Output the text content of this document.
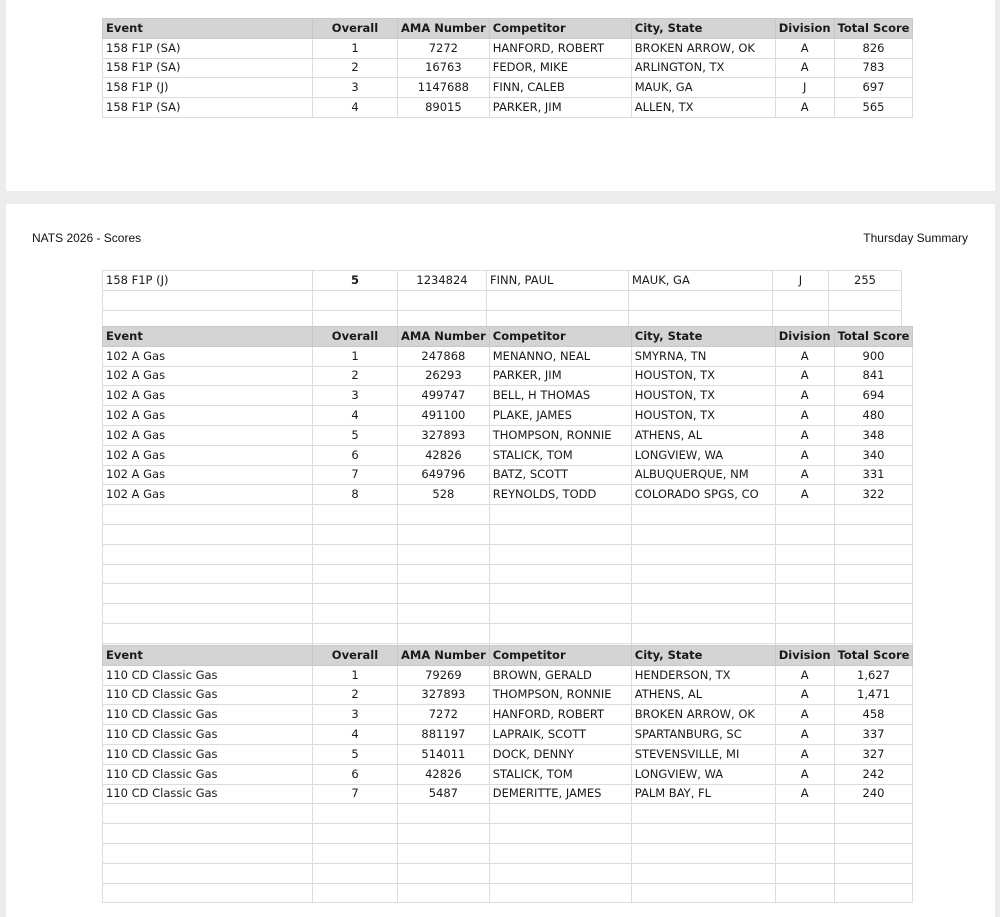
Event	Overall	AMA Number	Competitor	City, State	Division	Total Score
158 F1P (SA)	1	7272	HANFORD, ROBERT	BROKEN ARROW, OK	A	826
158 F1P (SA)	2	16763	FEDOR, MIKE	ARLINGTON, TX	A	783
158 F1P (J)	3	1147688	FINN, CALEB	MAUK, GA	J	697
158 F1P (SA)	4	89015	PARKER, JIM	ALLEN, TX	A	565
NATS 2026 - Scores	Thursday Summary
158 F1P (J)	5	1234824	FINN, PAUL	MAUK, GA	J	255

Event	Overall	AMA Number	Competitor	City, State	Division	Total Score
102 A Gas	1	247868	MENANNO, NEAL	SMYRNA, TN	A	900
102 A Gas	2	26293	PARKER, JIM	HOUSTON, TX	A	841
102 A Gas	3	499747	BELL, H THOMAS	HOUSTON, TX	A	694
102 A Gas	4	491100	PLAKE, JAMES	HOUSTON, TX	A	480
102 A Gas	5	327893	THOMPSON, RONNIE	ATHENS, AL	A	348
102 A Gas	6	42826	STALICK, TOM	LONGVIEW, WA	A	340
102 A Gas	7	649796	BATZ, SCOTT	ALBUQUERQUE, NM	A	331
102 A Gas	8	528	REYNOLDS, TODD	COLORADO SPGS, CO	A	322

Event	Overall	AMA Number	Competitor	City, State	Division	Total Score
110 CD Classic Gas	1	79269	BROWN, GERALD	HENDERSON, TX	A	1,627
110 CD Classic Gas	2	327893	THOMPSON, RONNIE	ATHENS, AL	A	1,471
110 CD Classic Gas	3	7272	HANFORD, ROBERT	BROKEN ARROW, OK	A	458
110 CD Classic Gas	4	881197	LAPRAIK, SCOTT	SPARTANBURG, SC	A	337
110 CD Classic Gas	5	514011	DOCK, DENNY	STEVENSVILLE, MI	A	327
110 CD Classic Gas	6	42826	STALICK, TOM	LONGVIEW, WA	A	242
110 CD Classic Gas	7	5487	DEMERITTE, JAMES	PALM BAY, FL	A	240
